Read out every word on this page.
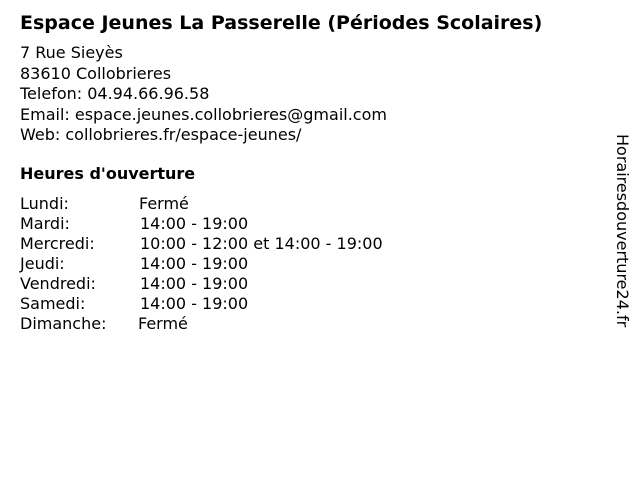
Espace Jeunes La Passerelle (Périodes Scolaires)
7 Rue Sieyès
83610 Collobrieres
Telefon: 04.94.66.96.58
Email: espace.jeunes.collobrieres@gmail.com
Web: collobrieres.fr/espace-jeunes/
Heures d'ouverture
Lundi:	Fermé
Mardi:	14:00 - 19:00
Mercredi:	10:00 - 12:00 et 14:00 - 19:00
Jeudi:	14:00 - 19:00
Vendredi:	14:00 - 19:00
Samedi:	14:00 - 19:00
Dimanche: Fermé	Horairesdouverture24.fr
